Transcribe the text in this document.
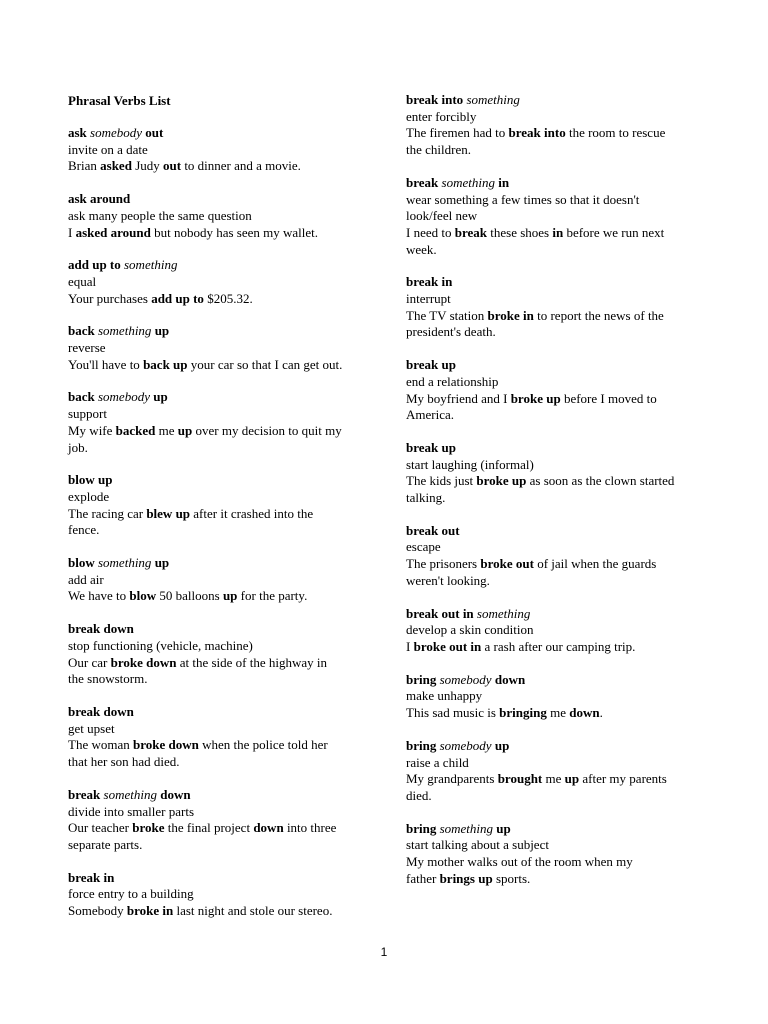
Phrasal Verbs List
ask somebody out
invite on a date
Brian asked Judy out to dinner and a movie.
ask around
ask many people the same question
I asked around but nobody has seen my wallet.
add up to something
equal
Your purchases add up to $205.32.
back something up
reverse
You'll have to back up your car so that I can get out.
back somebody up
support
My wife backed me up over my decision to quit my
job.
blow up
explode
The racing car blew up after it crashed into the
fence.
blow something up
add air
We have to blow 50 balloons up for the party.
break down
stop functioning (vehicle, machine)
Our car broke down at the side of the highway in
the snowstorm.
break down
get upset
The woman broke down when the police told her
that her son had died.
break something down
divide into smaller parts
Our teacher broke the final project down into three
separate parts.
break in
force entry to a building
Somebody broke in last night and stole our stereo.
break into something
enter forcibly
The firemen had to break into the room to rescue
the children.
break something in
wear something a few times so that it doesn't
look/feel new
I need to break these shoes in before we run next
week.
break in
interrupt
The TV station broke in to report the news of the
president's death.
break up
end a relationship
My boyfriend and I broke up before I moved to
America.
break up
start laughing (informal)
The kids just broke up as soon as the clown started
talking.
break out
escape
The prisoners broke out of jail when the guards
weren't looking.
break out in something
develop a skin condition
I broke out in a rash after our camping trip.
bring somebody down
make unhappy
This sad music is bringing me down.
bring somebody up
raise a child
My grandparents brought me up after my parents
died.
bring something up
start talking about a subject
My mother walks out of the room when my
father brings up sports.
1
